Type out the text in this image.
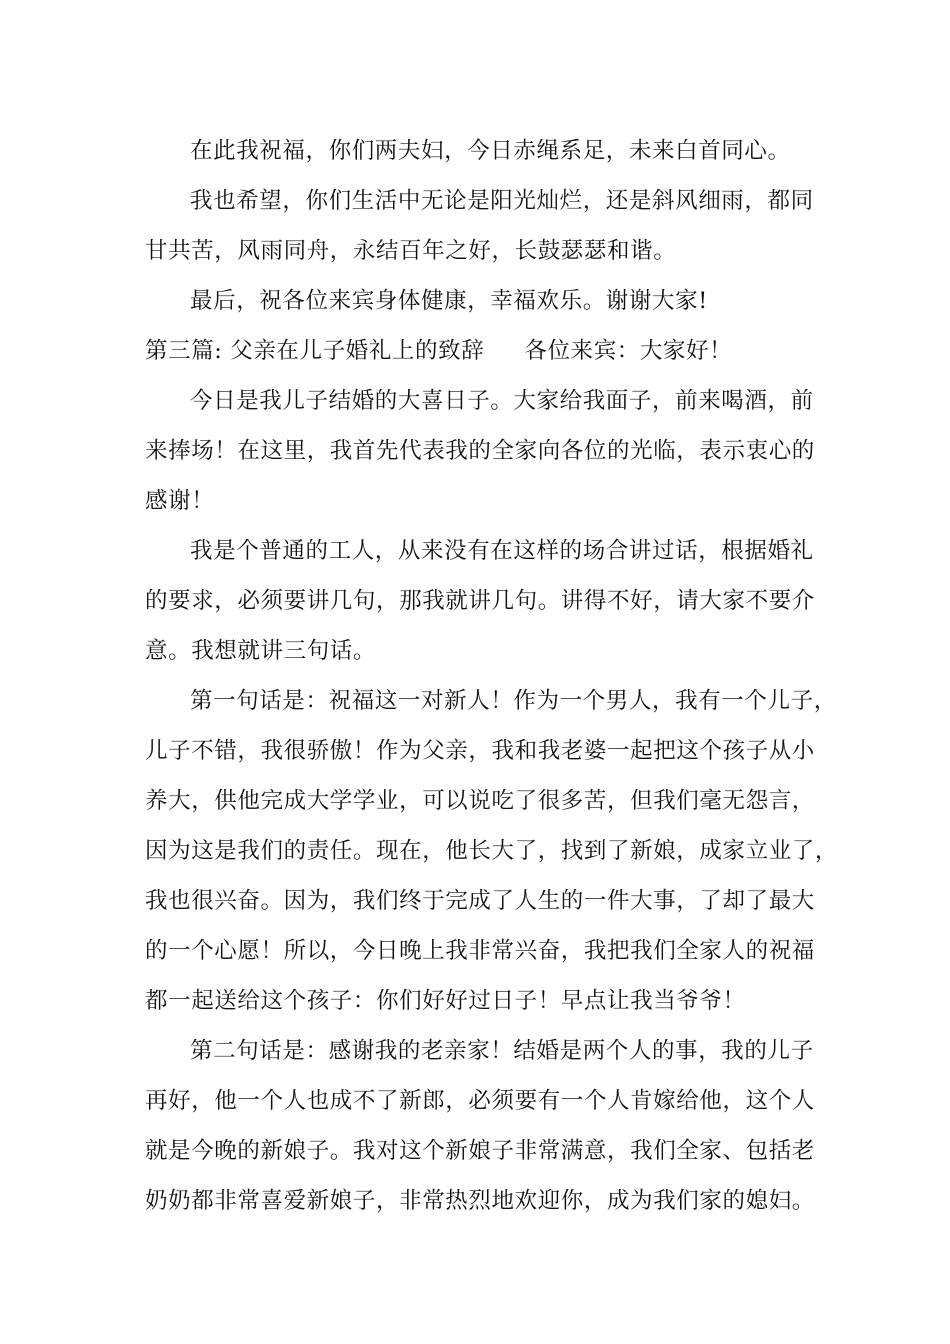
在此我祝福，你们两夫妇，今日赤绳系足，未来白首同心。
我也希望，你们生活中无论是阳光灿烂，还是斜风细雨，都同
甘共苦，风雨同舟，永结百年之好，长鼓瑟瑟和谐。
最后，祝各位来宾身体健康，幸福欢乐。谢谢大家!
第三篇: 父亲在儿子婚礼上的致辞 各位来宾：大家好！
今日是我儿子结婚的大喜日子。大家给我面子，前来喝酒，前
来捧场！在这里，我首先代表我的全家向各位的光临，表示衷心的
感谢！
我是个普通的工人，从来没有在这样的场合讲过话，根据婚礼
的要求，必须要讲几句，那我就讲几句。讲得不好，请大家不要介
意。我想就讲三句话。
第一句话是：祝福这一对新人！作为一个男人，我有一个儿子，
儿子不错，我很骄傲！作为父亲，我和我老婆一起把这个孩子从小
养大，供他完成大学学业，可以说吃了很多苦，但我们毫无怨言，
因为这是我们的责任。现在，他长大了，找到了新娘，成家立业了，
我也很兴奋。因为，我们终于完成了人生的一件大事，了却了最大
的一个心愿！所以，今日晚上我非常兴奋，我把我们全家人的祝福
都一起送给这个孩子：你们好好过日子！早点让我当爷爷！
第二句话是：感谢我的老亲家！结婚是两个人的事，我的儿子
再好，他一个人也成不了新郎，必须要有一个人肯嫁给他，这个人
就是今晚的新娘子。我对这个新娘子非常满意，我们全家、包括老
奶奶都非常喜爱新娘子，非常热烈地欢迎你，成为我们家的媳妇。
